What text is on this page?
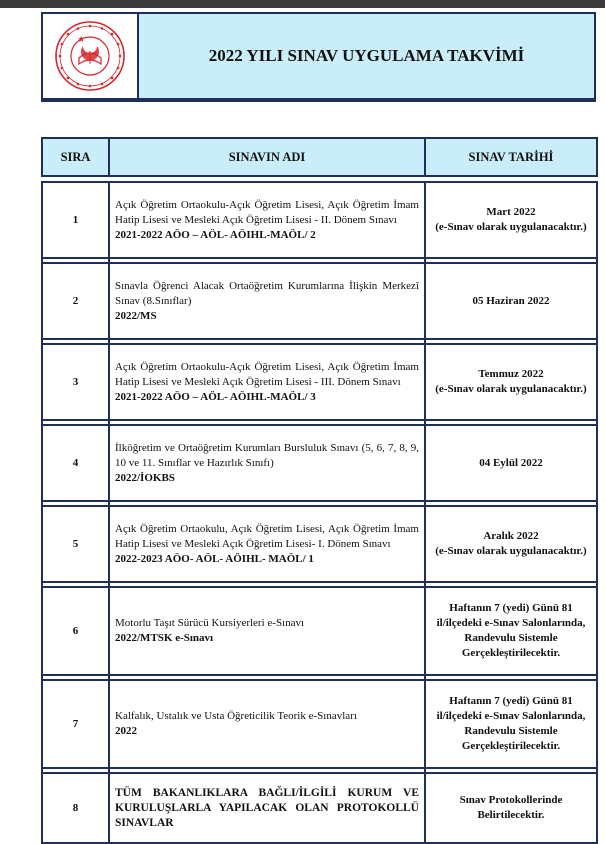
2022 YILI SINAV UYGULAMA TAKVİMİ
SIRA	SINAVIN ADI	SINAV TARİHİ

1	Açık Öğretim Ortaokulu-Açık Öğretim Lisesi, Açık Öğretim İmam Hatip Lisesi ve Mesleki Açık Öğretim Lisesi - II. Dönem Sınavı
2021-2022 AÖO – AÖL- AÖIHL-MAÖL/ 2	Mart 2022
(e-Sınav olarak uygulanacaktır.)

2	Sınavla Öğrenci Alacak Ortaöğretim Kurumlarına İlişkin Merkezî Sınav (8.Sınıflar)
2022/MS	05 Haziran 2022

3	Açık Öğretim Ortaokulu-Açık Öğretim Lisesi, Açık Öğretim İmam Hatip Lisesi ve Mesleki Açık Öğretim Lisesi - III. Dönem Sınavı
2021-2022 AÖO – AÖL- AÖIHL-MAÖL/ 3	Temmuz 2022
(e-Sınav olarak uygulanacaktır.)

4	İlköğretim ve Ortaöğretim Kurumları Bursluluk Sınavı (5, 6, 7, 8, 9, 10 ve 11. Sınıflar ve Hazırlık Sınıfı)
2022/İOKBS	04 Eylül 2022

5	Açık Öğretim Ortaokulu, Açık Öğretim Lisesi, Açık Öğretim İmam Hatip Lisesi ve Mesleki Açık Öğretim Lisesi- I. Dönem Sınavı
2022-2023 AÖO- AÖL- AÖIHL- MAÖL/ 1	Aralık 2022
(e-Sınav olarak uygulanacaktır.)

6	Motorlu Taşıt Sürücü Kursiyerleri e-Sınavı
2022/MTSK e-Sınavı	Haftanın 7 (yedi) Günü 81 il/ilçedeki e-Sınav Salonlarında, Randevulu Sistemle Gerçekleştirilecektir.

7	Kalfalık, Ustalık ve Usta Öğreticilik Teorik e-Sınavları
2022	Haftanın 7 (yedi) Günü 81 il/ilçedeki e-Sınav Salonlarında, Randevulu Sistemle Gerçekleştirilecektir.

8	TÜM BAKANLIKLARA BAĞLI/İLGİLİ KURUM VE KURULUŞLARLA YAPILACAK OLAN PROTOKOLLÜ SINAVLAR	Sınav Protokollerinde Belirtilecektir.
